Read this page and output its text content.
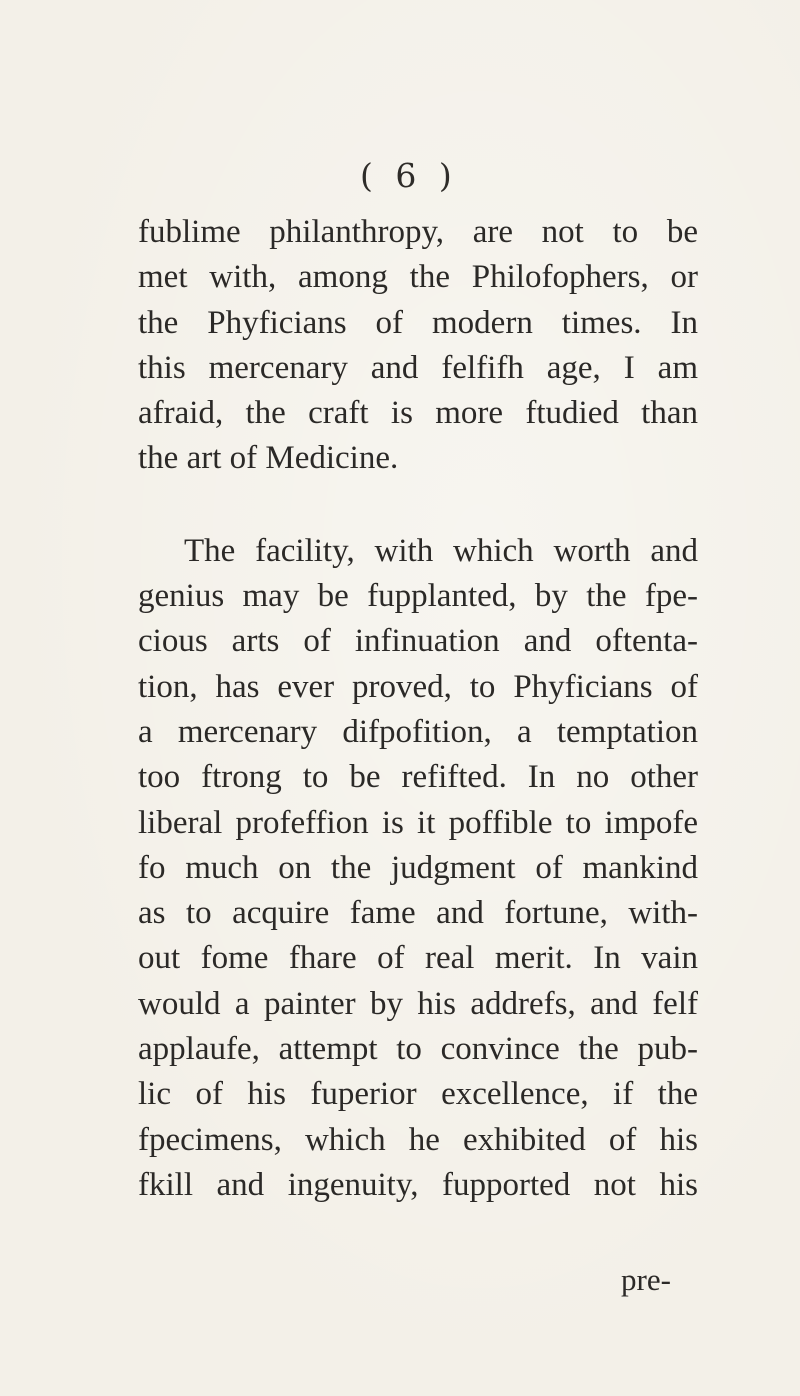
( 6 )
fublime philanthropy, are not to be
met with, among the Philofophers, or
the Phyficians of modern times. In
this mercenary and felfifh age, I am
afraid, the craft is more ftudied than
the art of Medicine.
The facility, with which worth and
genius may be fupplanted, by the fpe-
cious arts of infinuation and oftenta-
tion, has ever proved, to Phyficians of
a mercenary difpofition, a temptation
too ftrong to be refifted. In no other
liberal profeffion is it poffible to impofe
fo much on the judgment of mankind
as to acquire fame and fortune, with-
out fome fhare of real merit. In vain
would a painter by his addrefs, and felf
applaufe, attempt to convince the pub-
lic of his fuperior excellence, if the
fpecimens, which he exhibited of his
fkill and ingenuity, fupported not his
pre-
